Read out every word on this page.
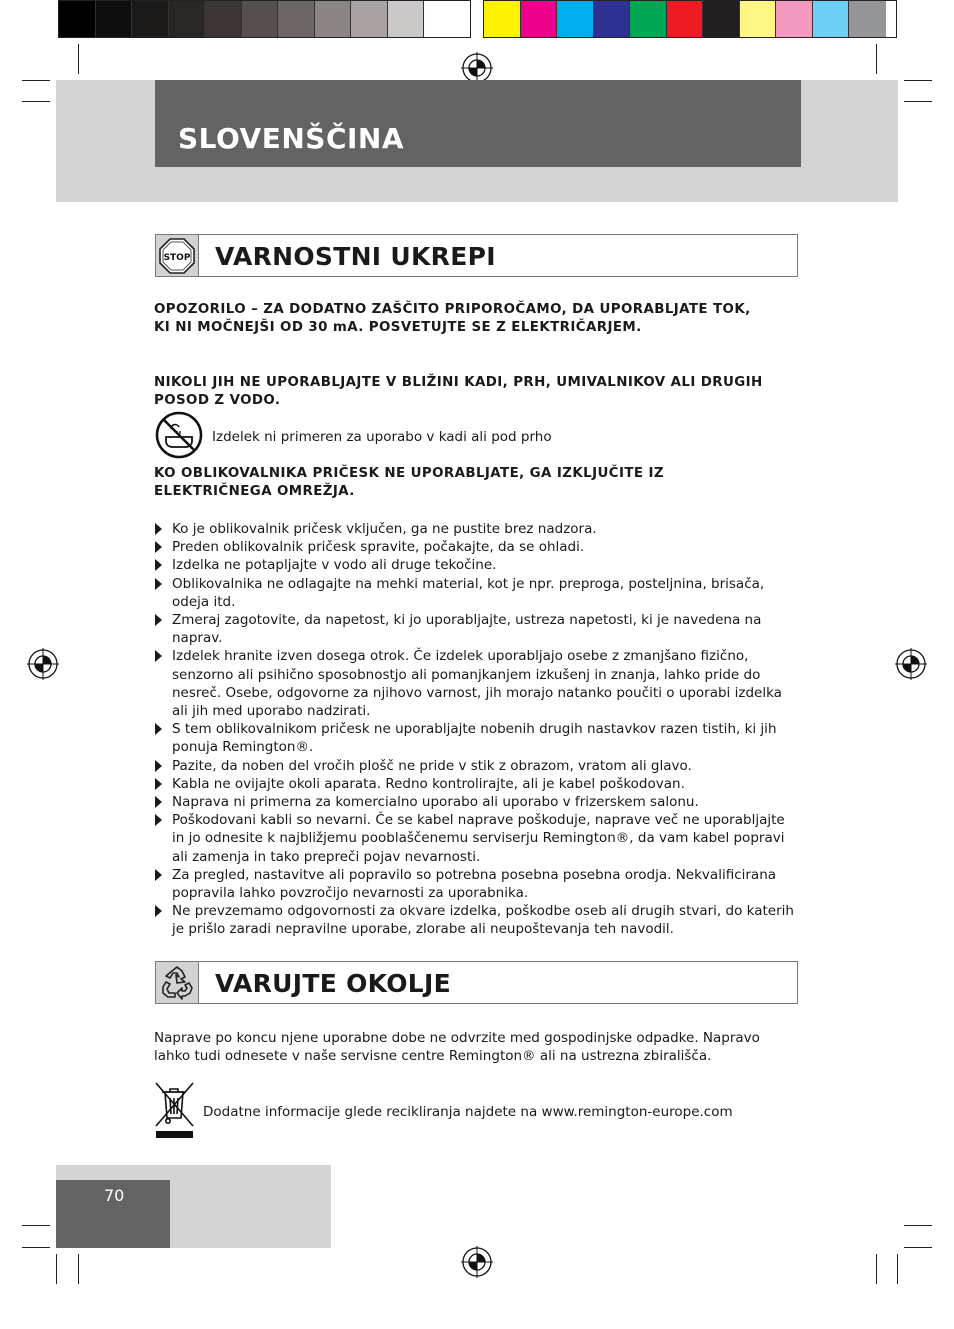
SLOVENŠČINA
STOP VARNOSTNI UKREPI
OPOZORILO – ZA DODATNO ZAŠČITO PRIPOROČAMO, DA UPORABLJATE TOK, KI NI MOČNEJŠI OD 30 mA. POSVETUJTE SE Z ELEKTRIČARJEM.
NIKOLI JIH NE UPORABLJAJTE V BLIŽINI KADI, PRH, UMIVALNIKOV ALI DRUGIH POSOD Z VODO.
Izdelek ni primeren za uporabo v kadi ali pod prho
KO OBLIKOVALNIKA PRIČESK NE UPORABLJATE, GA IZKLJUČITE IZ ELEKTRIČNEGA OMREŽJA.
Ko je oblikovalnik pričesk vključen, ga ne pustite brez nadzora.
Preden oblikovalnik pričesk spravite, počakajte, da se ohladi.
Izdelka ne potapljajte v vodo ali druge tekočine.
Oblikovalnika ne odlagajte na mehki material, kot je npr. preproga, posteljnina, brisača, odeja itd.
Zmeraj zagotovite, da napetost, ki jo uporabljajte, ustreza napetosti, ki je navedena na naprav.
Izdelek hranite izven dosega otrok. Če izdelek uporabljajo osebe z zmanjšano fizično, senzorno ali psihično sposobnostjo ali pomanjkanjem izkušenj in znanja, lahko pride do nesreč. Osebe, odgovorne za njihovo varnost, jih morajo natanko poučiti o uporabi izdelka ali jih med uporabo nadzirati.
S tem oblikovalnikom pričesk ne uporabljajte nobenih drugih nastavkov razen tistih, ki jih ponuja Remington®.
Pazite, da noben del vročih plošč ne pride v stik z obrazom, vratom ali glavo.
Kabla ne ovijajte okoli aparata. Redno kontrolirajte, ali je kabel poškodovan.
Naprava ni primerna za komercialno uporabo ali uporabo v frizerskem salonu.
Poškodovani kabli so nevarni. Če se kabel naprave poškoduje, naprave več ne uporabljajte in jo odnesite k najbližjemu pooblaščenemu serviserju Remington®, da vam kabel popravi ali zamenja in tako prepreči pojav nevarnosti.
Za pregled, nastavitve ali popravilo so potrebna posebna posebna orodja. Nekvalificirana popravila lahko povzročijo nevarnosti za uporabnika.
Ne prevzemamo odgovornosti za okvare izdelka, poškodbe oseb ali drugih stvari, do katerih je prišlo zaradi nepravilne uporabe, zlorabe ali neupoštevanja teh navodil.
VARUJTE OKOLJE
Naprave po koncu njene uporabne dobe ne odvrzite med gospodinjske odpadke. Napravo lahko tudi odnesete v naše servisne centre Remington® ali na ustrezna zbirališča.
Dodatne informacije glede recikliranja najdete na www.remington-europe.com
70
